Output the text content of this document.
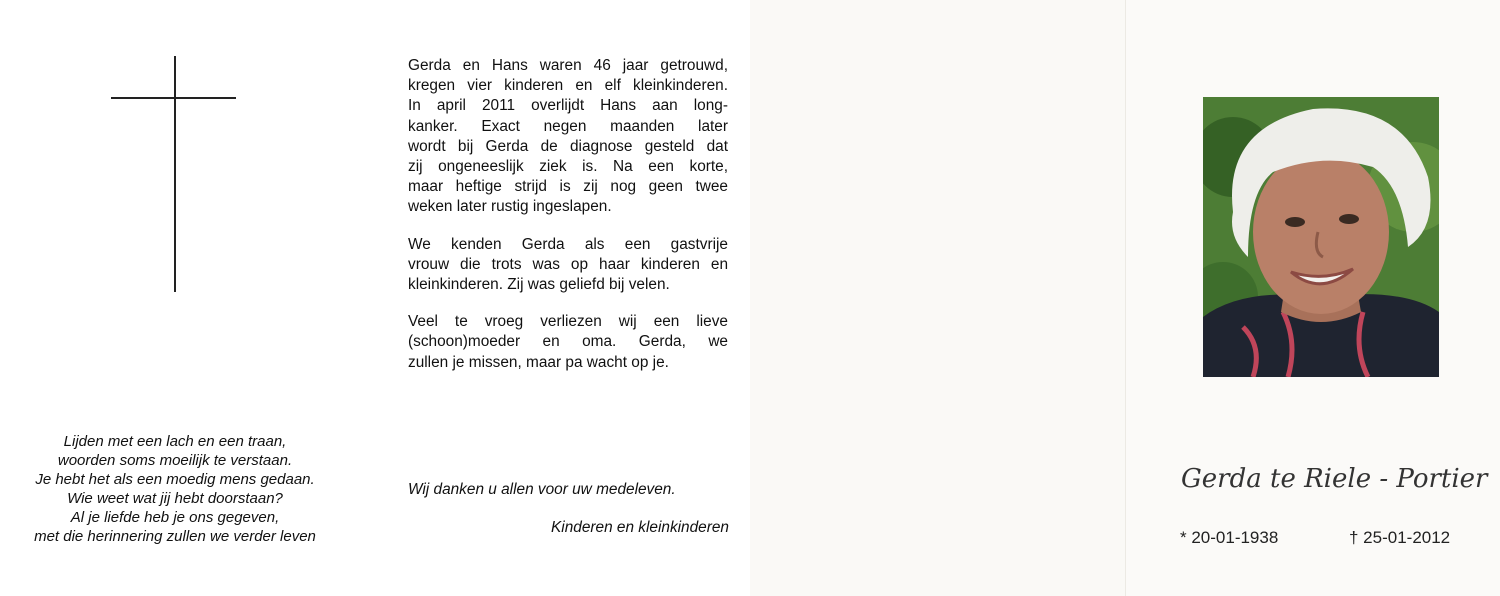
Lijden met een lach en een traan,
woorden soms moeilijk te verstaan.
Je hebt het als een moedig mens gedaan.
Wie weet wat jij hebt doorstaan?
Al je liefde heb je ons gegeven,
met die herinnering zullen we verder leven

Gerda en Hans waren 46 jaar getrouwd,
kregen vier kinderen en elf kleinkinderen.
In april 2011 overlijdt Hans aan long-
kanker. Exact negen maanden later
wordt bij Gerda de diagnose gesteld dat
zij ongeneeslijk ziek is. Na een korte,
maar heftige strijd is zij nog geen twee
weken later rustig ingeslapen.

We kenden Gerda als een gastvrije
vrouw die trots was op haar kinderen en
kleinkinderen. Zij was geliefd bij velen.

Veel te vroeg verliezen wij een lieve
(schoon)moeder en oma. Gerda, we
zullen je missen, maar pa wacht op je.

Wij danken u allen voor uw medeleven.
Kinderen en kleinkinderen
Gerda te Riele - Portier
* 20-01-1938	† 25-01-2012
